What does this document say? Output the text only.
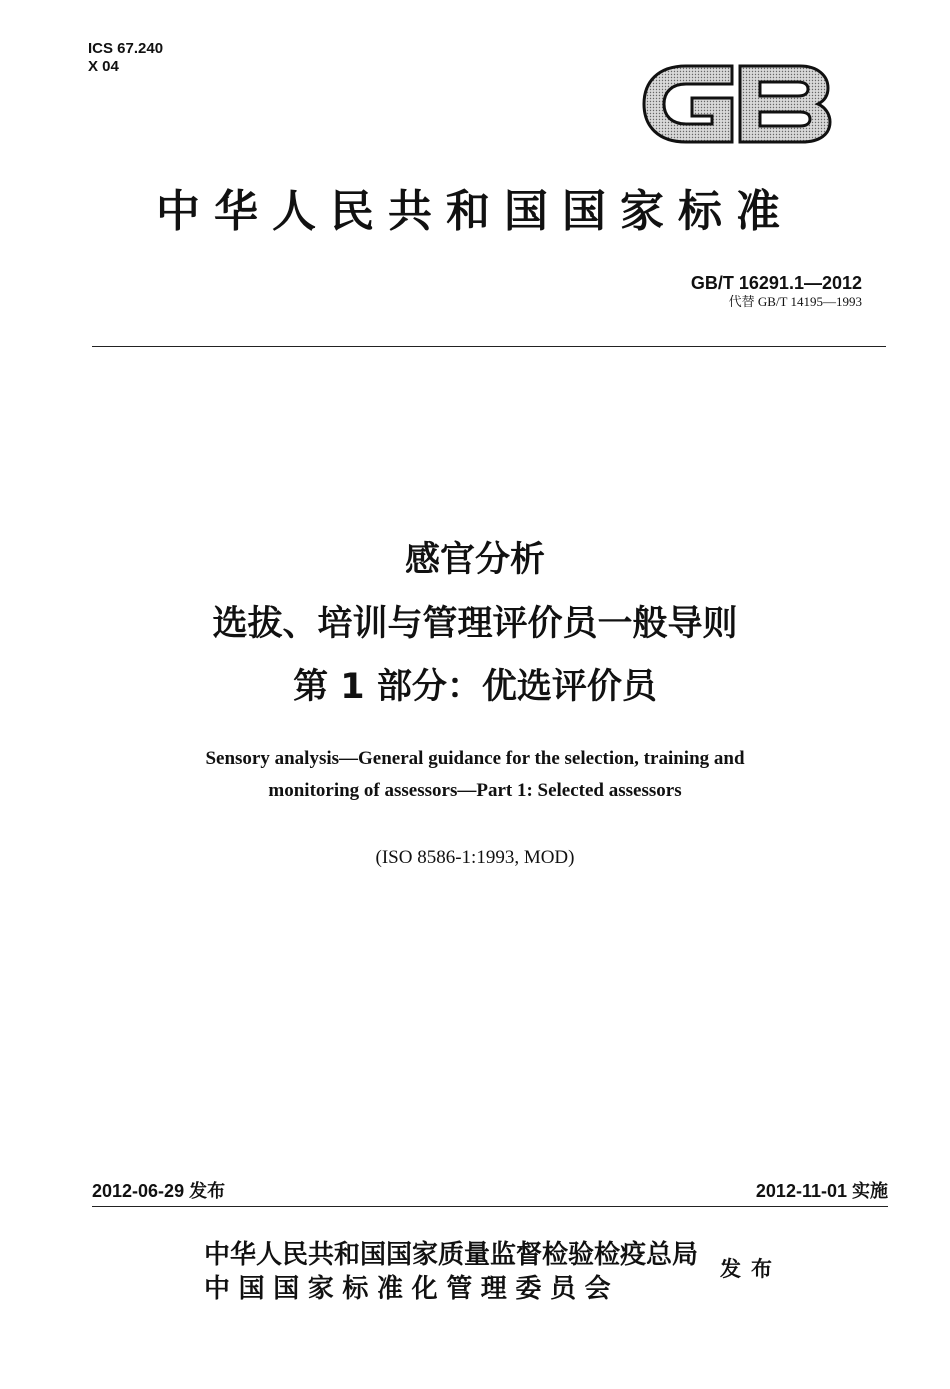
ICS 67.240
X 04
中华人民共和国国家标准
GB/T 16291.1—2012
代替 GB/T 14195—1993
感官分析
选拔、培训与管理评价员一般导则
第 1 部分：优选评价员
Sensory analysis—General guidance for the selection, training and
monitoring of assessors—Part 1: Selected assessors
(ISO 8586-1:1993, MOD)
2012-06-29 发布	2012-11-01 实施
中华人民共和国国家质量监督检验检疫总局
中国国家标准化管理委员会
发布
